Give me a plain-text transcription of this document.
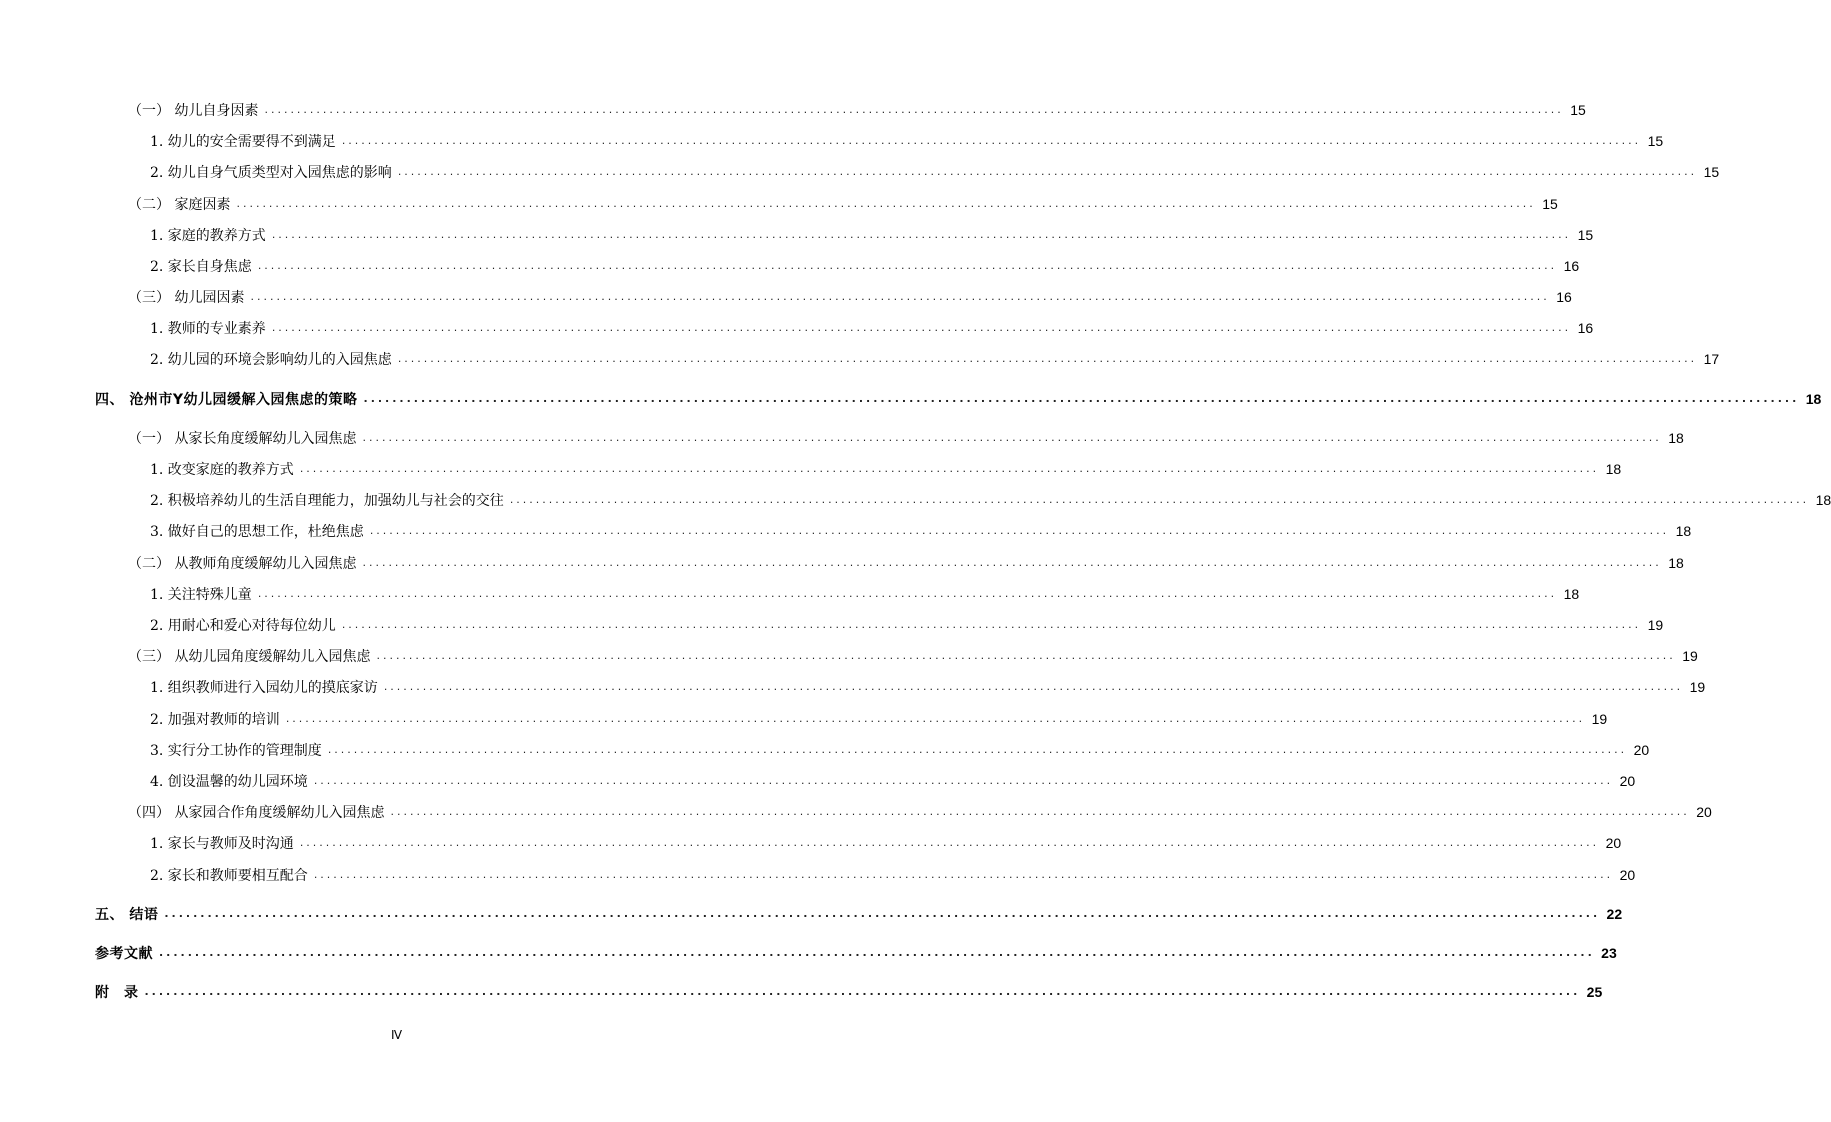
（一） 幼儿自身因素 ........................................................................................................................................................................................................ 15
1. 幼儿的安全需要得不到满足 ........................................................................................................................................................................................................ 15
2. 幼儿自身气质类型对入园焦虑的影响 ........................................................................................................................................................................................................ 15
（二） 家庭因素 ........................................................................................................................................................................................................ 15
1. 家庭的教养方式 ........................................................................................................................................................................................................ 15
2. 家长自身焦虑 ........................................................................................................................................................................................................ 16
（三） 幼儿园因素 ........................................................................................................................................................................................................ 16
1. 教师的专业素养 ........................................................................................................................................................................................................ 16
2. 幼儿园的环境会影响幼儿的入园焦虑 ........................................................................................................................................................................................................ 17
四、 沧州市Y幼儿园缓解入园焦虑的策略 ........................................................................................................................................................................................................ 18
（一） 从家长角度缓解幼儿入园焦虑 ........................................................................................................................................................................................................ 18
1. 改变家庭的教养方式 ........................................................................................................................................................................................................ 18
2. 积极培养幼儿的生活自理能力，加强幼儿与社会的交往 ........................................................................................................................................................................................................ 18
3. 做好自己的思想工作，杜绝焦虑 ........................................................................................................................................................................................................ 18
（二） 从教师角度缓解幼儿入园焦虑 ........................................................................................................................................................................................................ 18
1. 关注特殊儿童 ........................................................................................................................................................................................................ 18
2. 用耐心和爱心对待每位幼儿 ........................................................................................................................................................................................................ 19
（三） 从幼儿园角度缓解幼儿入园焦虑 ........................................................................................................................................................................................................ 19
1. 组织教师进行入园幼儿的摸底家访 ........................................................................................................................................................................................................ 19
2. 加强对教师的培训 ........................................................................................................................................................................................................ 19
3. 实行分工协作的管理制度 ........................................................................................................................................................................................................ 20
4. 创设温馨的幼儿园环境 ........................................................................................................................................................................................................ 20
（四） 从家园合作角度缓解幼儿入园焦虑 ........................................................................................................................................................................................................ 20
1. 家长与教师及时沟通 ........................................................................................................................................................................................................ 20
2. 家长和教师要相互配合 ........................................................................................................................................................................................................ 20
五、 结语 ........................................................................................................................................................................................................ 22
参考文献 ........................................................................................................................................................................................................ 23
附　录 ........................................................................................................................................................................................................ 25
Ⅳ
